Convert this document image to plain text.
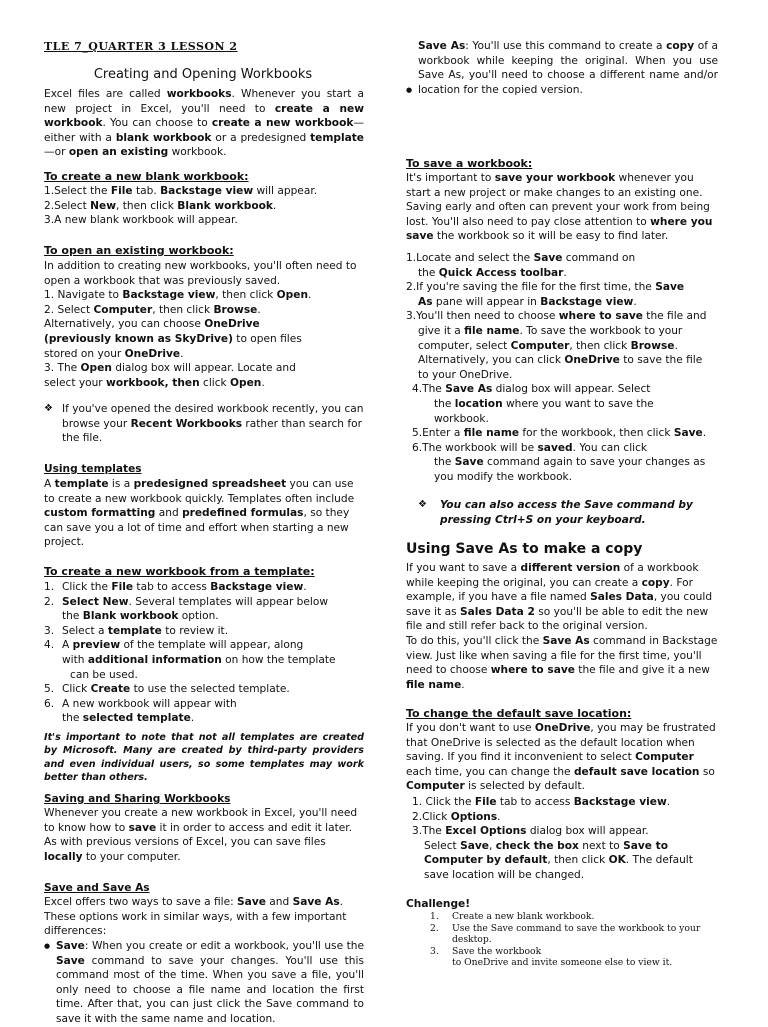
TLE 7_QUARTER 3 LESSON 2
Creating and Opening Workbooks
Excel files are called workbooks. Whenever you start a new project in Excel, you'll need to create a new workbook. You can choose to create a new workbook—either with a blank workbook or a predesigned template—or open an existing workbook.
To create a new blank workbook:
1.Select the File tab. Backstage view will appear.
2.Select New, then click Blank workbook.
3.A new blank workbook will appear.
To open an existing workbook:
In addition to creating new workbooks, you'll often need to open a workbook that was previously saved.
1. Navigate to Backstage view, then click Open.
2. Select Computer, then click Browse.
Alternatively, you can choose OneDrive
(previously known as SkyDrive) to open files
stored on your OneDrive.
3. The Open dialog box will appear. Locate and
select your workbook, then click Open.
❖ If you've opened the desired workbook recently, you can browse your Recent Workbooks rather than search for the file.
Using templates
A template is a predesigned spreadsheet you can use to create a new workbook quickly. Templates often include custom formatting and predefined formulas, so they can save you a lot of time and effort when starting a new project.
To create a new workbook from a template:
1. Click the File tab to access Backstage view.
2. Select New. Several templates will appear below
the Blank workbook option.
3. Select a template to review it.
4. A preview of the template will appear, along
with additional information on how the template
can be used.
5. Click Create to use the selected template.
6. A new workbook will appear with
the selected template.
It's important to note that not all templates are created by Microsoft. Many are created by third-party providers and even individual users, so some templates may work better than others.
Saving and Sharing Workbooks
Whenever you create a new workbook in Excel, you'll need to know how to save it in order to access and edit it later. As with previous versions of Excel, you can save files locally to your computer.
Save and Save As
Excel offers two ways to save a file: Save and Save As. These options work in similar ways, with a few important differences:
● Save: When you create or edit a workbook, you'll use the Save command to save your changes. You'll use this command most of the time. When you save a file, you'll only need to choose a file name and location the first time. After that, you can just click the Save command to save it with the same name and location.
●
Save As: You'll use this command to create a copy of a workbook while keeping the original. When you use Save As, you'll need to choose a different name and/or location for the copied version.
To save a workbook:
It's important to save your workbook whenever you start a new project or make changes to an existing one. Saving early and often can prevent your work from being lost. You'll also need to pay close attention to where you save the workbook so it will be easy to find later.
1.Locate and select the Save command on
the Quick Access toolbar.
2.If you're saving the file for the first time, the Save
As pane will appear in Backstage view.
3.You'll then need to choose where to save the file and
give it a file name. To save the workbook to your
computer, select Computer, then click Browse.
Alternatively, you can click OneDrive to save the file
to your OneDrive.
4.The Save As dialog box will appear. Select
the location where you want to save the
workbook.
5.Enter a file name for the workbook, then click Save.
6.The workbook will be saved. You can click
the Save command again to save your changes as
you modify the workbook.
❖ You can also access the Save command by pressing Ctrl+S on your keyboard.
Using Save As to make a copy
If you want to save a different version of a workbook while keeping the original, you can create a copy. For example, if you have a file named Sales Data, you could save it as Sales Data 2 so you'll be able to edit the new file and still refer back to the original version.
To do this, you'll click the Save As command in Backstage view. Just like when saving a file for the first time, you'll need to choose where to save the file and give it a new file name.
To change the default save location:
If you don't want to use OneDrive, you may be frustrated that OneDrive is selected as the default location when saving. If you find it inconvenient to select Computer each time, you can change the default save location so Computer is selected by default.
1. Click the File tab to access Backstage view.
2.Click Options.
3.The Excel Options dialog box will appear.
Select Save, check the box next to Save to
Computer by default, then click OK. The default
save location will be changed.
Challenge!
1. Create a new blank workbook.
2. Use the Save command to save the workbook to your desktop.
3. Save the workbook
to OneDrive and invite someone else to view it.
